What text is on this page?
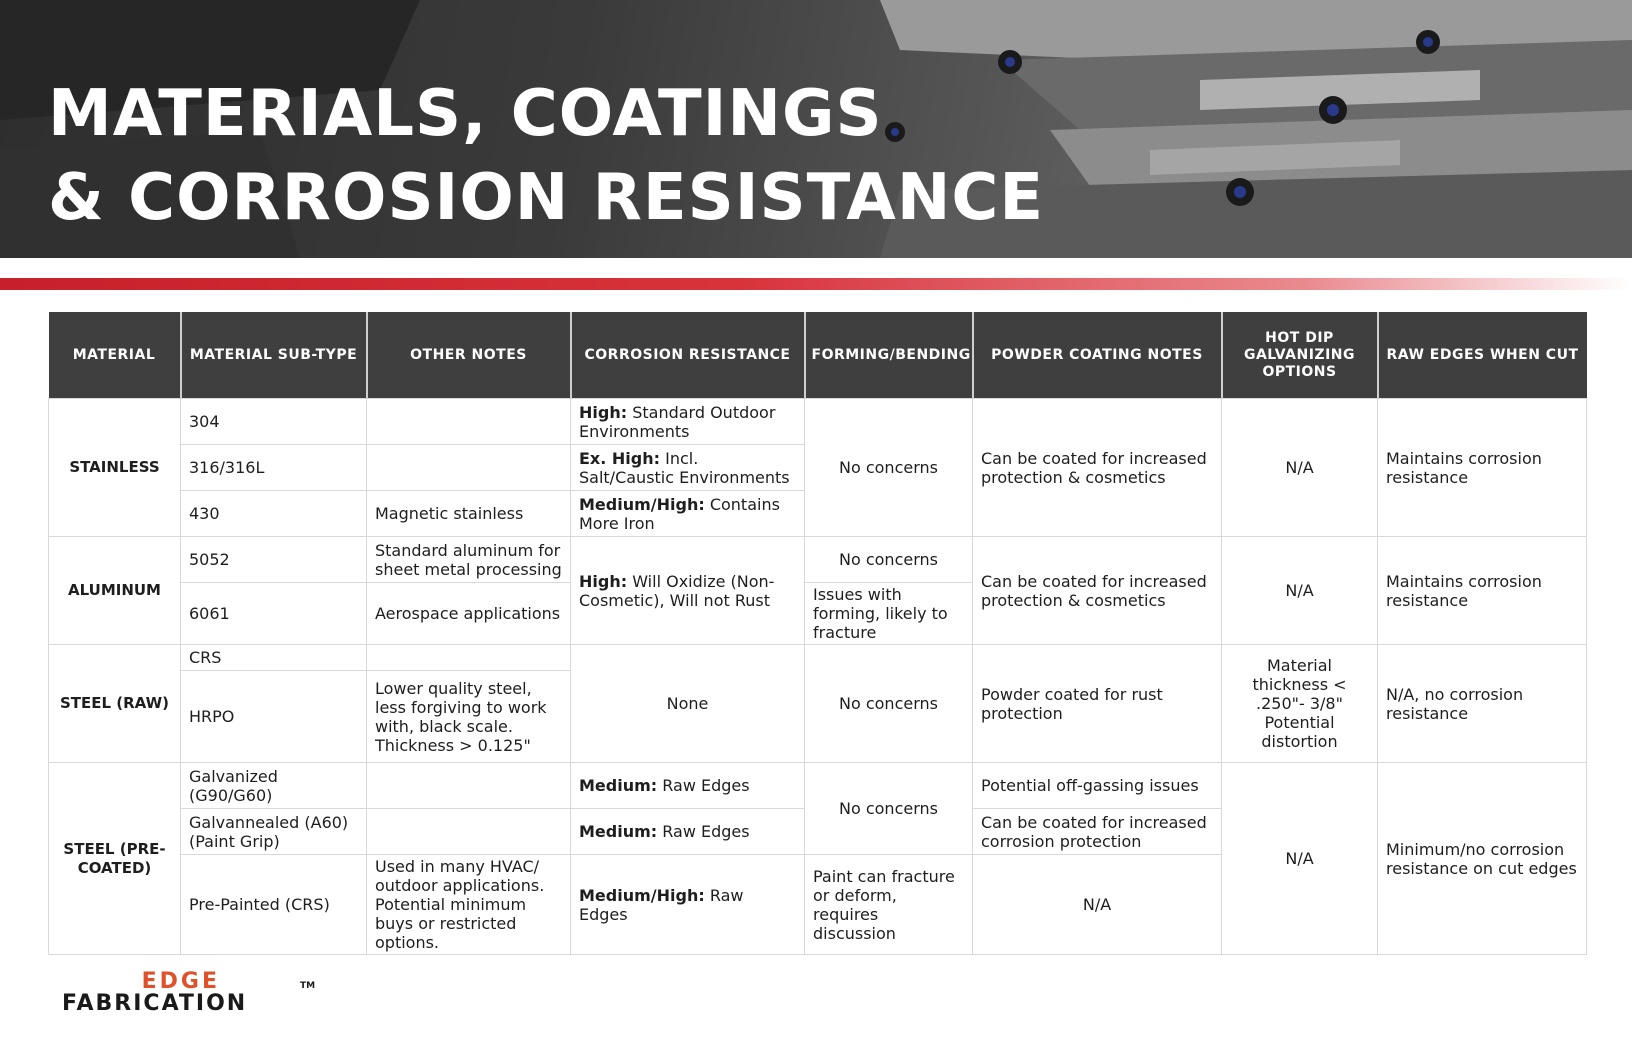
MATERIALS, COATINGS
& CORROSION RESISTANCE
MATERIAL	MATERIAL SUB-TYPE	OTHER NOTES	CORROSION RESISTANCE	FORMING/BENDING	POWDER COATING NOTES	HOT DIP GALVANIZING OPTIONS	RAW EDGES WHEN CUT
STAINLESS	304		High: Standard Outdoor Environments	No concerns	Can be coated for increased protection & cosmetics	N/A	Maintains corrosion resistance
	316/316L		Ex. High: Incl. Salt/Caustic Environments				
	430	Magnetic stainless	Medium/High: Contains More Iron				
ALUMINUM	5052	Standard aluminum for sheet metal processing	High: Will Oxidize (Non-Cosmetic), Will not Rust	No concerns	Can be coated for increased protection & cosmetics	N/A	Maintains corrosion resistance
	6061	Aerospace applications		Issues with forming, likely to fracture			
STEEL (RAW)	CRS		None	No concerns	Powder coated for rust protection	Material thickness < .250"- 3/8" Potential distortion	N/A, no corrosion resistance
	HRPO	Lower quality steel, less forgiving to work with, black scale. Thickness > 0.125"					
STEEL (PRE-COATED)	Galvanized (G90/G60)		Medium: Raw Edges	No concerns	Potential off-gassing issues	N/A	Minimum/no corrosion resistance on cut edges
	Galvannealed (A60) (Paint Grip)		Medium: Raw Edges		Can be coated for increased corrosion protection		
	Pre-Painted (CRS)	Used in many HVAC/ outdoor applications. Potential minimum buys or restricted options.	Medium/High: Raw Edges	Paint can fracture or deform, requires discussion	N/A		
EDGE
FABRICATION
TM
